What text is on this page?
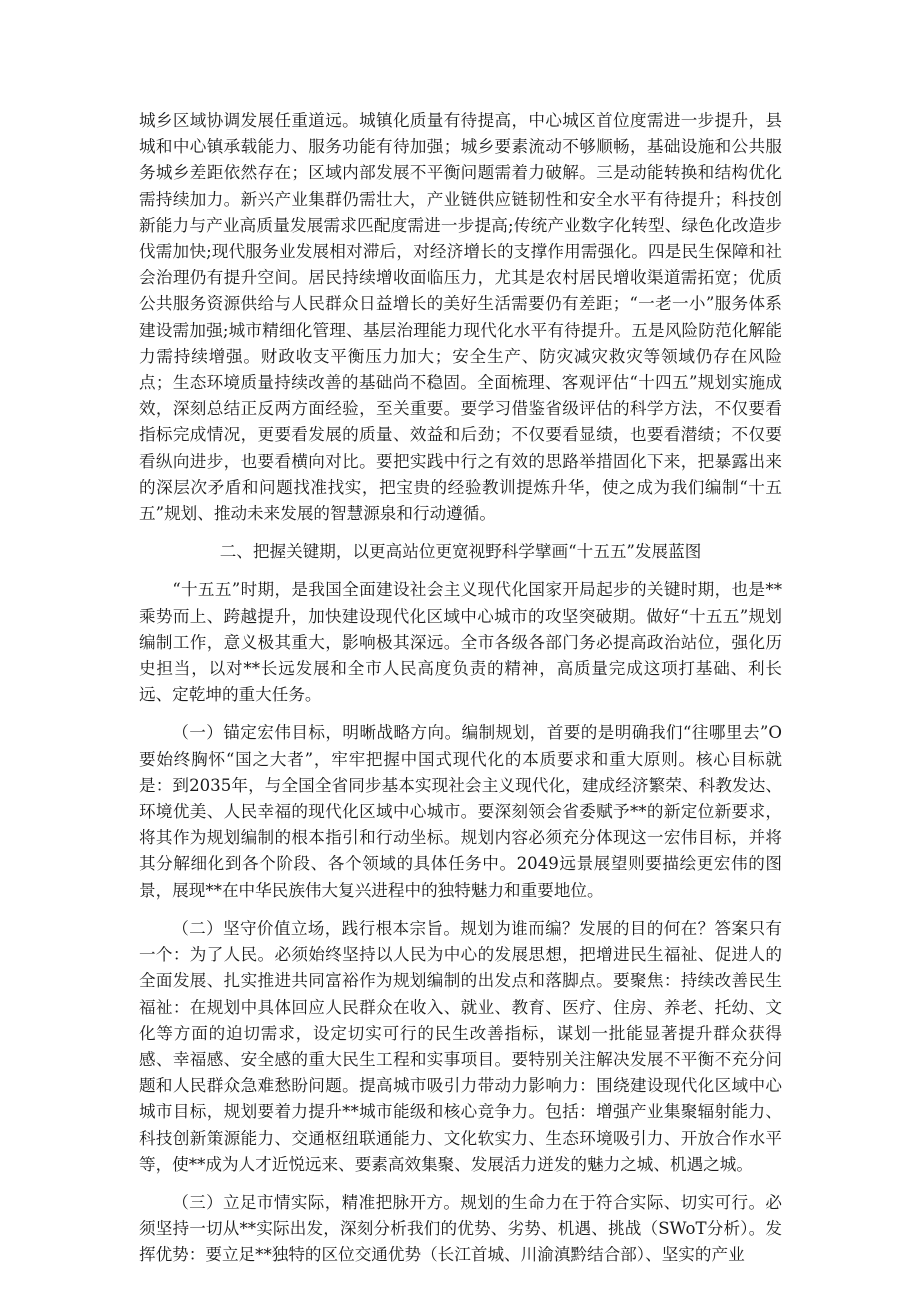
城乡区域协调发展任重道远。城镇化质量有待提高，中心城区首位度需进一步提升，县城和中心镇承载能力、服务功能有待加强；城乡要素流动不够顺畅，基础设施和公共服务城乡差距依然存在；区域内部发展不平衡问题需着力破解。三是动能转换和结构优化需持续加力。新兴产业集群仍需壮大，产业链供应链韧性和安全水平有待提升；科技创新能力与产业高质量发展需求匹配度需进一步提高;传统产业数字化转型、绿色化改造步伐需加快;现代服务业发展相对滞后，对经济增长的支撑作用需强化。四是民生保障和社会治理仍有提升空间。居民持续增收面临压力，尤其是农村居民增收渠道需拓宽；优质公共服务资源供给与人民群众日益增长的美好生活需要仍有差距；“一老一小”服务体系建设需加强;城市精细化管理、基层治理能力现代化水平有待提升。五是风险防范化解能力需持续增强。财政收支平衡压力加大；安全生产、防灾减灾救灾等领域仍存在风险点；生态环境质量持续改善的基础尚不稳固。全面梳理、客观评估“十四五”规划实施成效，深刻总结正反两方面经验，至关重要。要学习借鉴省级评估的科学方法，不仅要看指标完成情况，更要看发展的质量、效益和后劲；不仅要看显绩，也要看潜绩；不仅要看纵向进步，也要看横向对比。要把实践中行之有效的思路举措固化下来，把暴露出来的深层次矛盾和问题找准找实，把宝贵的经验教训提炼升华，使之成为我们编制“十五五”规划、推动未来发展的智慧源泉和行动遵循。

二、把握关键期，以更高站位更宽视野科学擘画“十五五”发展蓝图

“十五五”时期，是我国全面建设社会主义现代化国家开局起步的关键时期，也是**乘势而上、跨越提升，加快建设现代化区域中心城市的攻坚突破期。做好“十五五”规划编制工作，意义极其重大，影响极其深远。全市各级各部门务必提高政治站位，强化历史担当，以对**长远发展和全市人民高度负责的精神，高质量完成这项打基础、利长远、定乾坤的重大任务。

（一）锚定宏伟目标，明晰战略方向。编制规划，首要的是明确我们“往哪里去”O要始终胸怀“国之大者”，牢牢把握中国式现代化的本质要求和重大原则。核心目标就是：到2035年，与全国全省同步基本实现社会主义现代化，建成经济繁荣、科教发达、环境优美、人民幸福的现代化区域中心城市。要深刻领会省委赋予**的新定位新要求，将其作为规划编制的根本指引和行动坐标。规划内容必须充分体现这一宏伟目标，并将其分解细化到各个阶段、各个领域的具体任务中。2049远景展望则要描绘更宏伟的图景，展现**在中华民族伟大复兴进程中的独特魅力和重要地位。

（二）坚守价值立场，践行根本宗旨。规划为谁而编？发展的目的何在？答案只有一个：为了人民。必须始终坚持以人民为中心的发展思想，把增进民生福祉、促进人的全面发展、扎实推进共同富裕作为规划编制的出发点和落脚点。要聚焦：持续改善民生福祉：在规划中具体回应人民群众在收入、就业、教育、医疗、住房、养老、托幼、文化等方面的迫切需求，设定切实可行的民生改善指标，谋划一批能显著提升群众获得感、幸福感、安全感的重大民生工程和实事项目。要特别关注解决发展不平衡不充分问题和人民群众急难愁盼问题。提高城市吸引力带动力影响力：围绕建设现代化区域中心城市目标，规划要着力提升**城市能级和核心竞争力。包括：增强产业集聚辐射能力、科技创新策源能力、交通枢纽联通能力、文化软实力、生态环境吸引力、开放合作水平等，使**成为人才近悦远来、要素高效集聚、发展活力迸发的魅力之城、机遇之城。

（三）立足市情实际，精准把脉开方。规划的生命力在于符合实际、切实可行。必须坚持一切从**实际出发，深刻分析我们的优势、劣势、机遇、挑战（SWoT分析）。发挥优势：要立足**独特的区位交通优势（长江首城、川渝滇黔结合部）、坚实的产业
